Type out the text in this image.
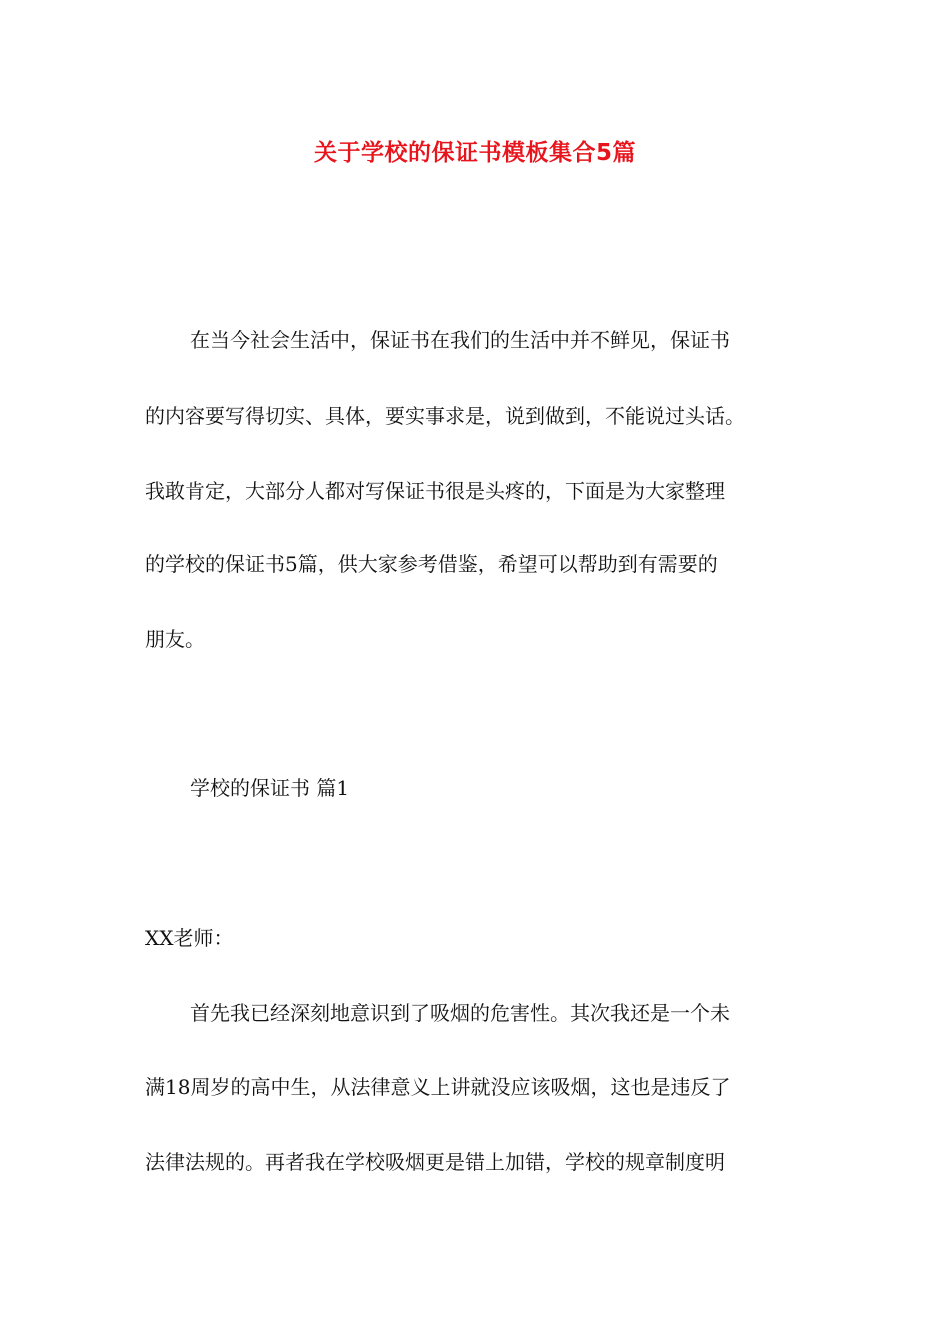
关于学校的保证书模板集合5篇
在当今社会生活中，保证书在我们的生活中并不鲜见，保证书
的内容要写得切实、具体，要实事求是，说到做到，不能说过头话。
我敢肯定，大部分人都对写保证书很是头疼的，下面是为大家整理
的学校的保证书5篇，供大家参考借鉴，希望可以帮助到有需要的
朋友。
学校的保证书 篇1
XX老师：
首先我已经深刻地意识到了吸烟的危害性。其次我还是一个未
满18周岁的高中生，从法律意义上讲就没应该吸烟，这也是违反了
法律法规的。再者我在学校吸烟更是错上加错，学校的规章制度明
